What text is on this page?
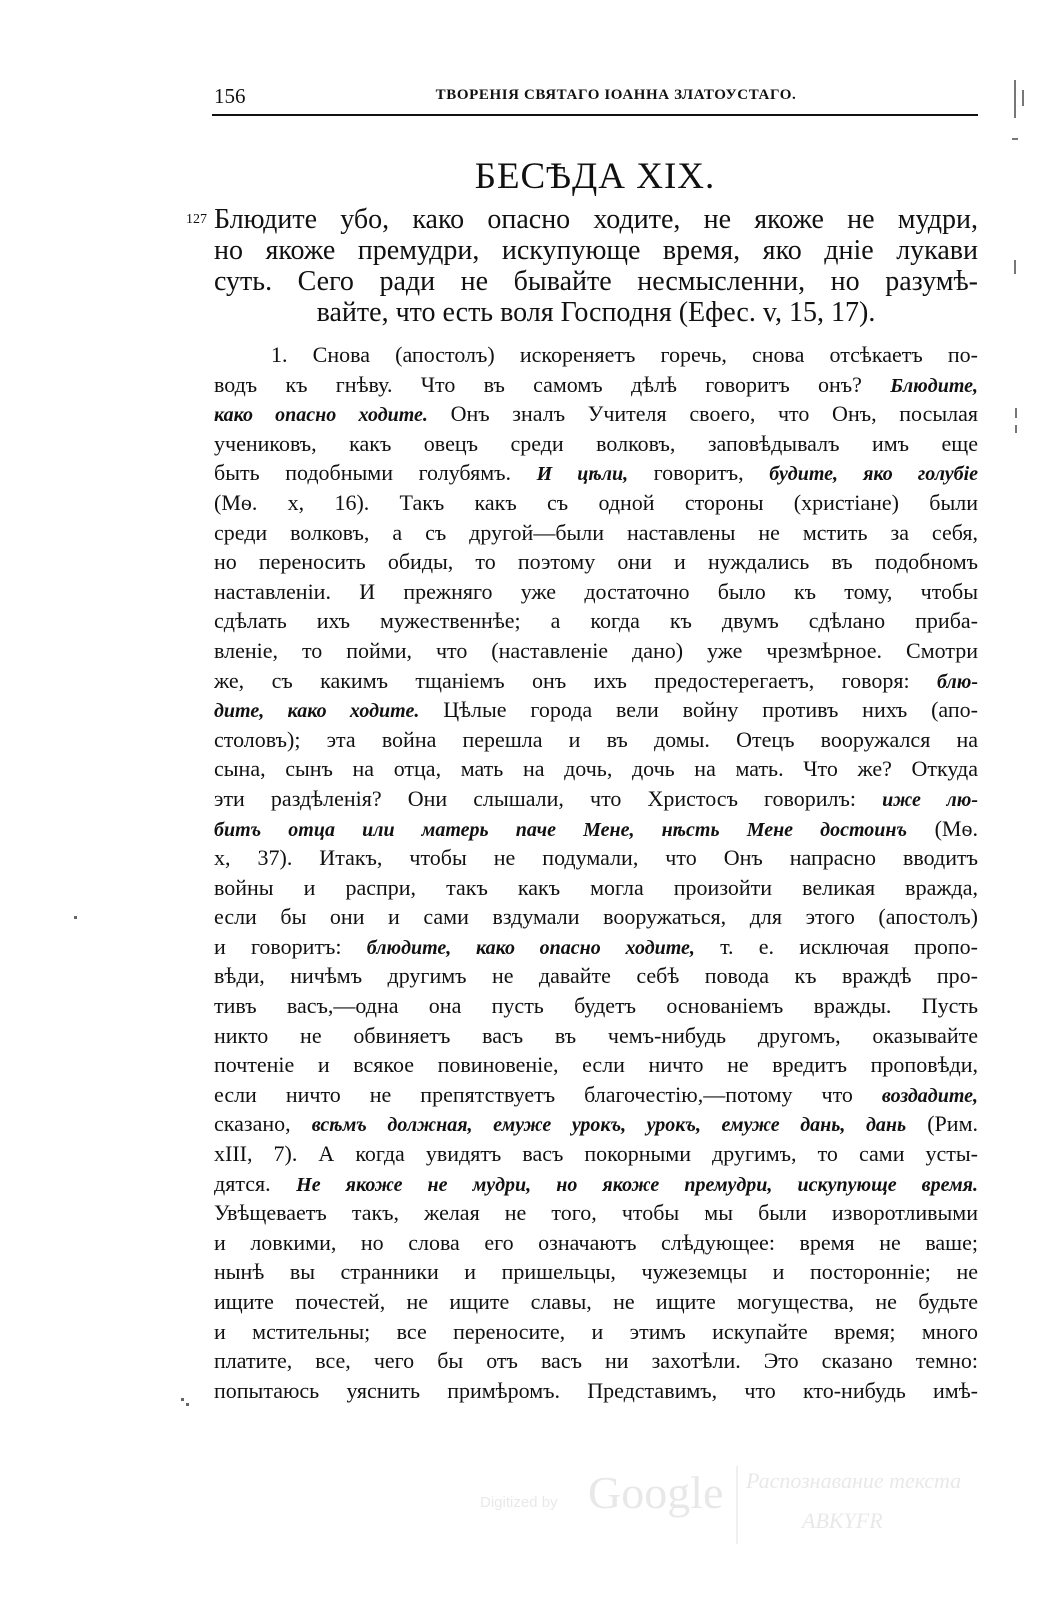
156	ТВОРЕНІЯ СВЯТАГО ІОАННА ЗЛАТОУСТАГО.
БЕСѢДА XIX.
127 Блюдите убо, како опасно ходите, не якоже не мудри,
но якоже премудри, искупующе время, яко дніе лукави
суть. Сего ради не бывайте несмысленни, но разумѣ-
вайте, что есть воля Господня (Ефес. v, 15, 17).
1. Снова (апостолъ) искореняетъ горечь, снова отсѣкаетъ по-
водъ къ гнѣву. Что въ самомъ дѣлѣ говоритъ онъ? Блюдите,
како опасно ходите. Онъ зналъ Учителя своего, что Онъ, посылая
учениковъ, какъ овецъ среди волковъ, заповѣдывалъ имъ еще
быть подобными голубямъ. И цѣли, говоритъ, будите, яко голубіе
(Мѳ. x, 16). Такъ какъ съ одной стороны (христіане) были
среди волковъ, а съ другой—были наставлены не мстить за себя,
но переносить обиды, то поэтому они и нуждались въ подобномъ
наставленіи. И прежняго уже достаточно было къ тому, чтобы
сдѣлать ихъ мужественнѣе; а когда къ двумъ сдѣлано приба-
вленіе, то пойми, что (наставленіе дано) уже чрезмѣрное. Смотри
же, съ какимъ тщаніемъ онъ ихъ предостерегаетъ, говоря: блю-
дите, како ходите. Цѣлые города вели войну противъ нихъ (апо-
столовъ); эта война перешла и въ домы. Отецъ вооружался на
сына, сынъ на отца, мать на дочь, дочь на мать. Что же? Откуда
эти раздѣленія? Они слышали, что Христосъ говорилъ: иже лю-
битъ отца или матерь паче Мене, нѣсть Мене достоинъ (Мѳ.
x, 37). Итакъ, чтобы не подумали, что Онъ напрасно вводитъ
войны и распри, такъ какъ могла произойти великая вражда,
если бы они и сами вздумали вооружаться, для этого (апостолъ)
и говоритъ: блюдите, како опасно ходите, т. е. исключая пропо-
вѣди, ничѣмъ другимъ не давайте себѣ повода къ враждѣ про-
тивъ васъ,—одна она пусть будетъ основаніемъ вражды. Пусть
никто не обвиняетъ васъ въ чемъ-нибудь другомъ, оказывайте
почтеніе и всякое повиновеніе, если ничто не вредитъ проповѣди,
если ничто не препятствуетъ благочестію,—потому что воздадите,
сказано, всѣмъ должная, емуже урокъ, урокъ, емуже дань, дань (Рим.
xIII, 7). А когда увидятъ васъ покорными другимъ, то сами усты-
дятся. Не якоже не мудри, но якоже премудри, искупующе время.
Увѣщеваетъ такъ, желая не того, чтобы мы были изворотливыми
и ловкими, но слова его означаютъ слѣдующее: время не ваше;
нынѣ вы странники и пришельцы, чужеземцы и посторонніе; не
ищите почестей, не ищите славы, не ищите могущества, не будьте
и мстительны; все переносите, и этимъ искупайте время; много
платите, все, чего бы отъ васъ ни захотѣли. Это сказано темно:
попытаюсь уяснить примѣромъ. Представимъ, что кто-нибудь имѣ-
Digitized by Google Распознавание текста
ABKYFR
